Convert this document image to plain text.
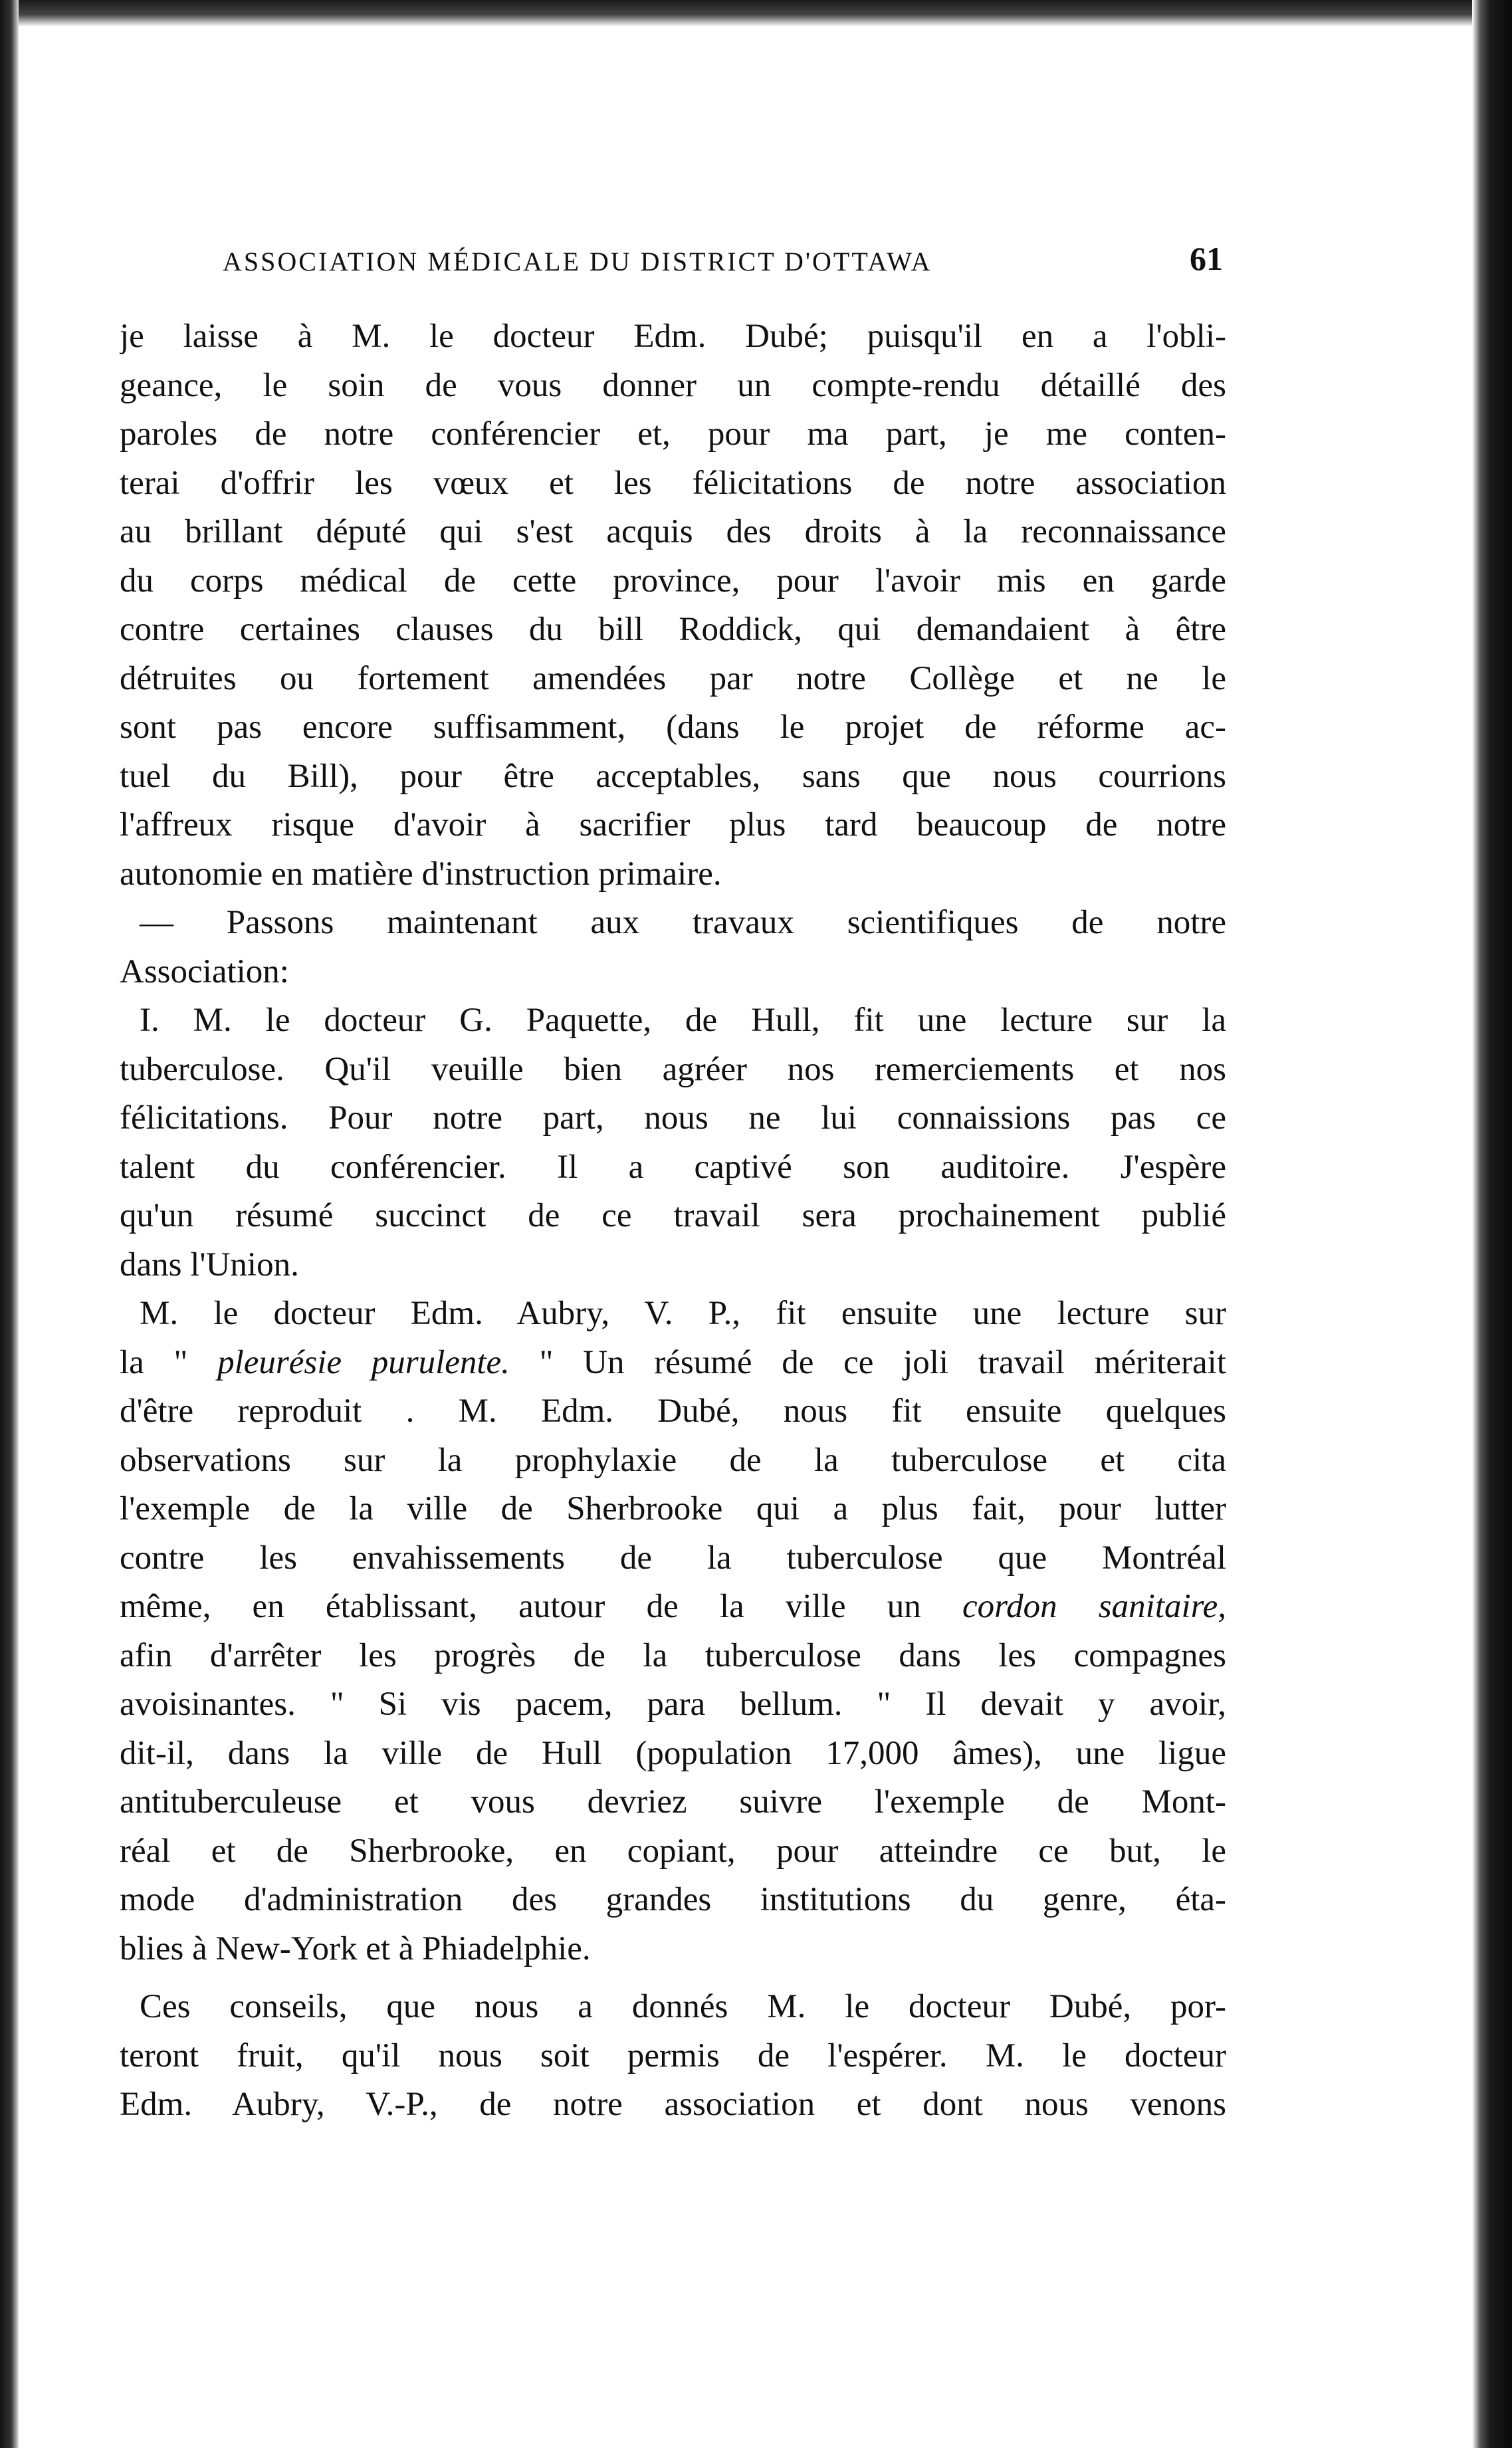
ASSOCIATION MÉDICALE DU DISTRICT D'OTTAWA	61
je laisse à M. le docteur Edm. Dubé; puisqu'il en a l'obli-
geance, le soin de vous donner un compte-rendu détaillé des
paroles de notre conférencier et, pour ma part, je me conten-
terai d'offrir les vœux et les félicitations de notre association
au brillant député qui s'est acquis des droits à la reconnaissance
du corps médical de cette province, pour l'avoir mis en garde
contre certaines clauses du bill Roddick, qui demandaient à être
détruites ou fortement amendées par notre Collège et ne le
sont pas encore suffisamment, (dans le projet de réforme ac-
tuel du Bill), pour être acceptables, sans que nous courrions
l'affreux risque d'avoir à sacrifier plus tard beaucoup de notre
autonomie en matière d'instruction primaire.
— Passons maintenant aux travaux scientifiques de notre
Association:
I. M. le docteur G. Paquette, de Hull, fit une lecture sur la
tuberculose. Qu'il veuille bien agréer nos remerciements et nos
félicitations. Pour notre part, nous ne lui connaissions pas ce
talent du conférencier. Il a captivé son auditoire. J'espère
qu'un résumé succinct de ce travail sera prochainement publié
dans l'Union.
M. le docteur Edm. Aubry, V. P., fit ensuite une lecture sur
la " pleurésie purulente. " Un résumé de ce joli travail mériterait
d'être reproduit . M. Edm. Dubé, nous fit ensuite quelques
observations sur la prophylaxie de la tuberculose et cita
l'exemple de la ville de Sherbrooke qui a plus fait, pour lutter
contre les envahissements de la tuberculose que Montréal
même, en établissant, autour de la ville un cordon sanitaire,
afin d'arrêter les progrès de la tuberculose dans les compagnes
avoisinantes. " Si vis pacem, para bellum. " Il devait y avoir,
dit-il, dans la ville de Hull (population 17,000 âmes), une ligue
antituberculeuse et vous devriez suivre l'exemple de Mont-
réal et de Sherbrooke, en copiant, pour atteindre ce but, le
mode d'administration des grandes institutions du genre, éta-
blies à New-York et à Phiadelphie.
Ces conseils, que nous a donnés M. le docteur Dubé, por-
teront fruit, qu'il nous soit permis de l'espérer. M. le docteur
Edm. Aubry, V.-P., de notre association et dont nous venons
